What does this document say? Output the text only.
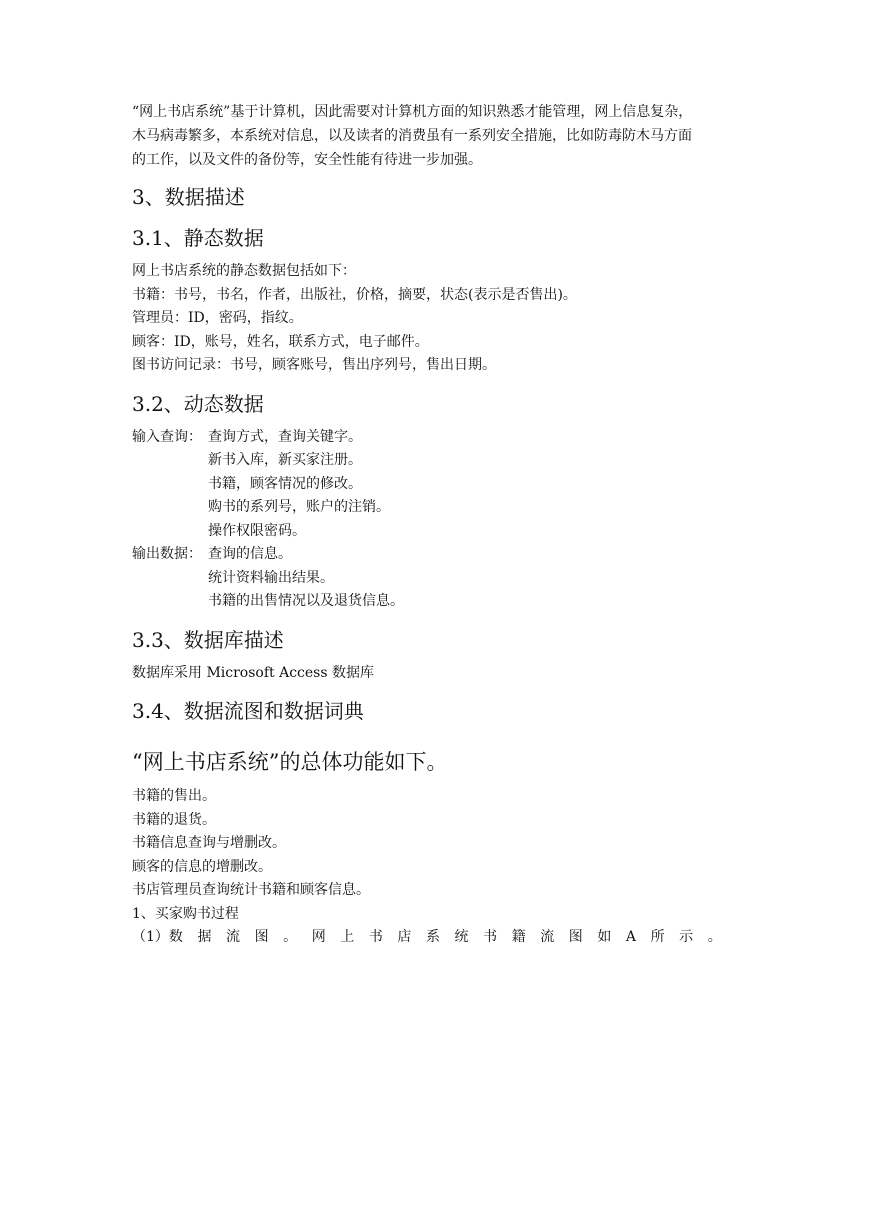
“网上书店系统”基于计算机，因此需要对计算机方面的知识熟悉才能管理，网上信息复杂，

木马病毒繁多，本系统对信息，以及读者的消费虽有一系列安全措施，比如防毒防木马方面

的工作，以及文件的备份等，安全性能有待进一步加强。

3、数据描述
3.1、静态数据
网上书店系统的静态数据包括如下：
书籍：书号，书名，作者，出版社，价格，摘要，状态(表示是否售出)。
管理员：ID，密码，指纹。
顾客：ID，账号，姓名，联系方式，电子邮件。
图书访问记录：书号，顾客账号，售出序列号，售出日期。
3.2、动态数据
输入查询： 查询方式，查询关键字。
新书入库，新买家注册。
书籍，顾客情况的修改。
购书的系列号，账户的注销。
操作权限密码。
输出数据： 查询的信息。
统计资料输出结果。
书籍的出售情况以及退货信息。
3.3、数据库描述
数据库采用 Microsoft Access 数据库
3.4、数据流图和数据词典
“网上书店系统”的总体功能如下。
书籍的售出。
书籍的退货。
书籍信息查询与增删改。
顾客的信息的增删改。
书店管理员查询统计书籍和顾客信息。
1、买家购书过程
（1）数 据 流 图 。 网 上 书 店 系 统 书 籍 流 图 如 A 所 示 。
